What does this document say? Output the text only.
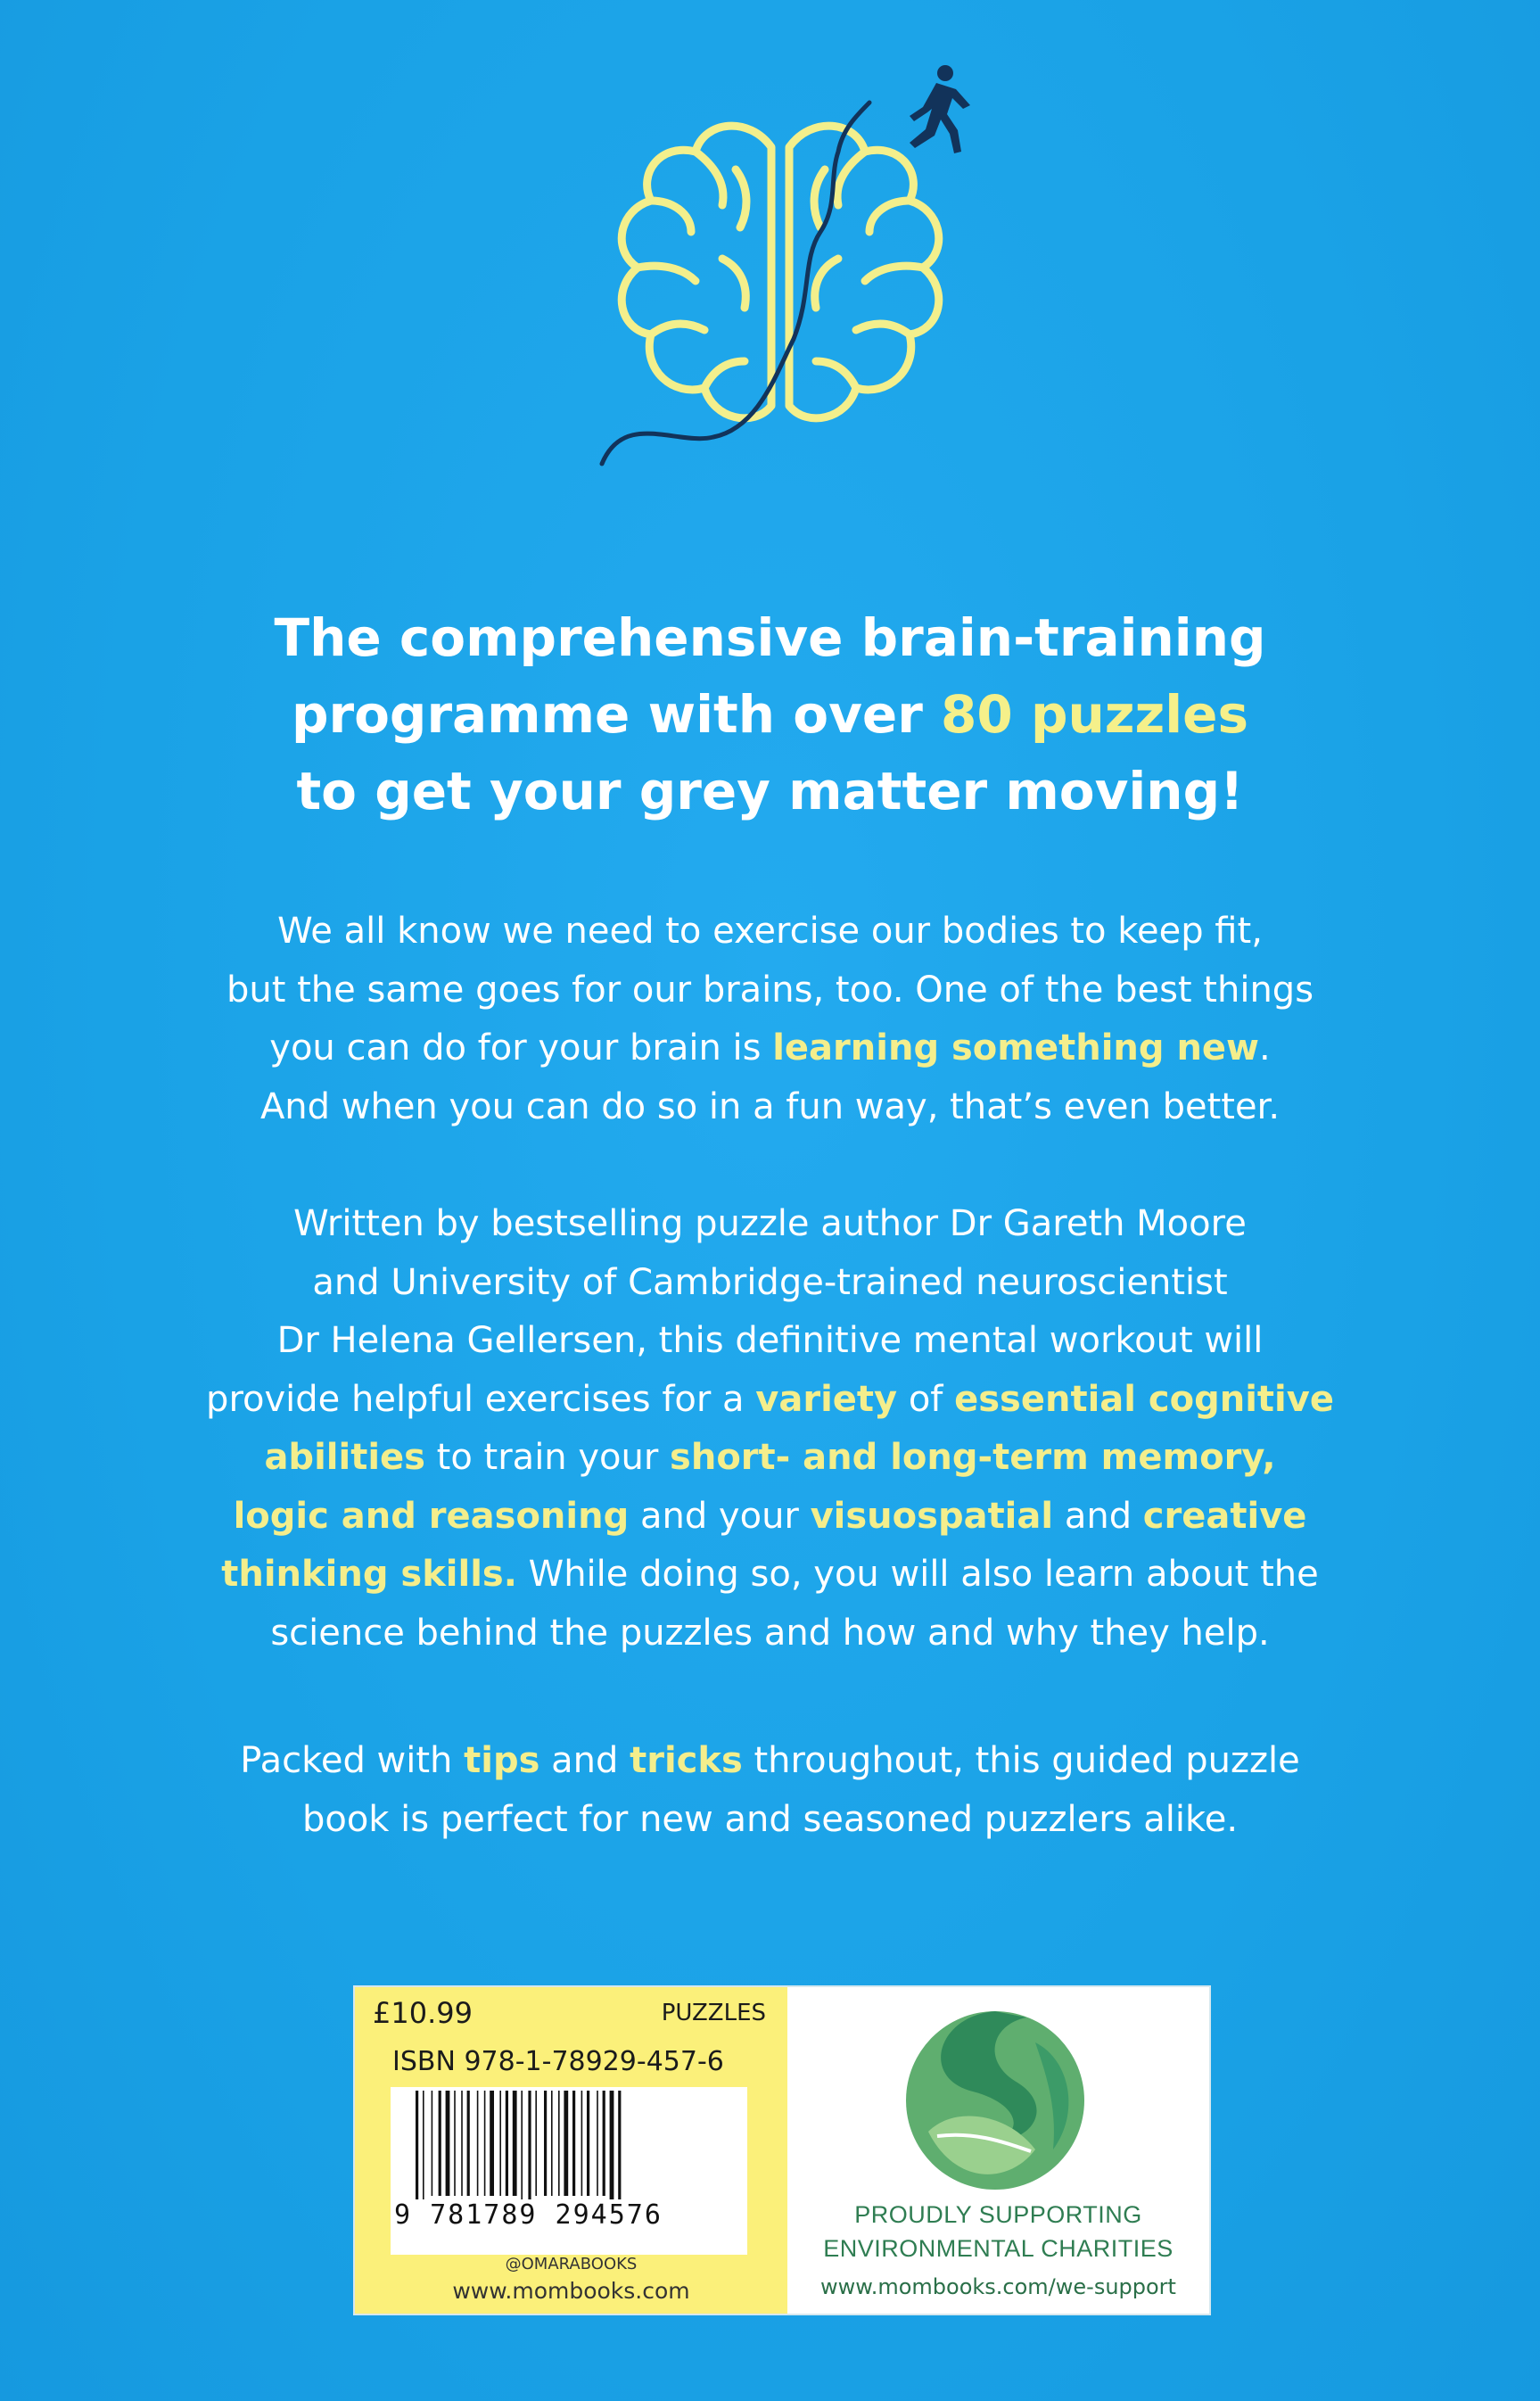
The comprehensive brain-training
programme with over 80 puzzles
to get your grey matter moving!
We all know we need to exercise our bodies to keep fit,
but the same goes for our brains, too. One of the best things
you can do for your brain is learning something new.
And when you can do so in a fun way, that’s even better.
Written by bestselling puzzle author Dr Gareth Moore
and University of Cambridge-trained neuroscientist
Dr Helena Gellersen, this definitive mental workout will
provide helpful exercises for a variety of essential cognitive
abilities to train your short- and long-term memory,
logic and reasoning and your visuospatial and creative
thinking skills. While doing so, you will also learn about the
science behind the puzzles and how and why they help.
Packed with tips and tricks throughout, this guided puzzle
book is perfect for new and seasoned puzzlers alike.
£10.99	PUZZLES
ISBN 978-1-78929-457-6
9 781789 294576
@OMARABOOKS
www.mombooks.com
PROUDLY SUPPORTING
ENVIRONMENTAL CHARITIES
www.mombooks.com/we-support
